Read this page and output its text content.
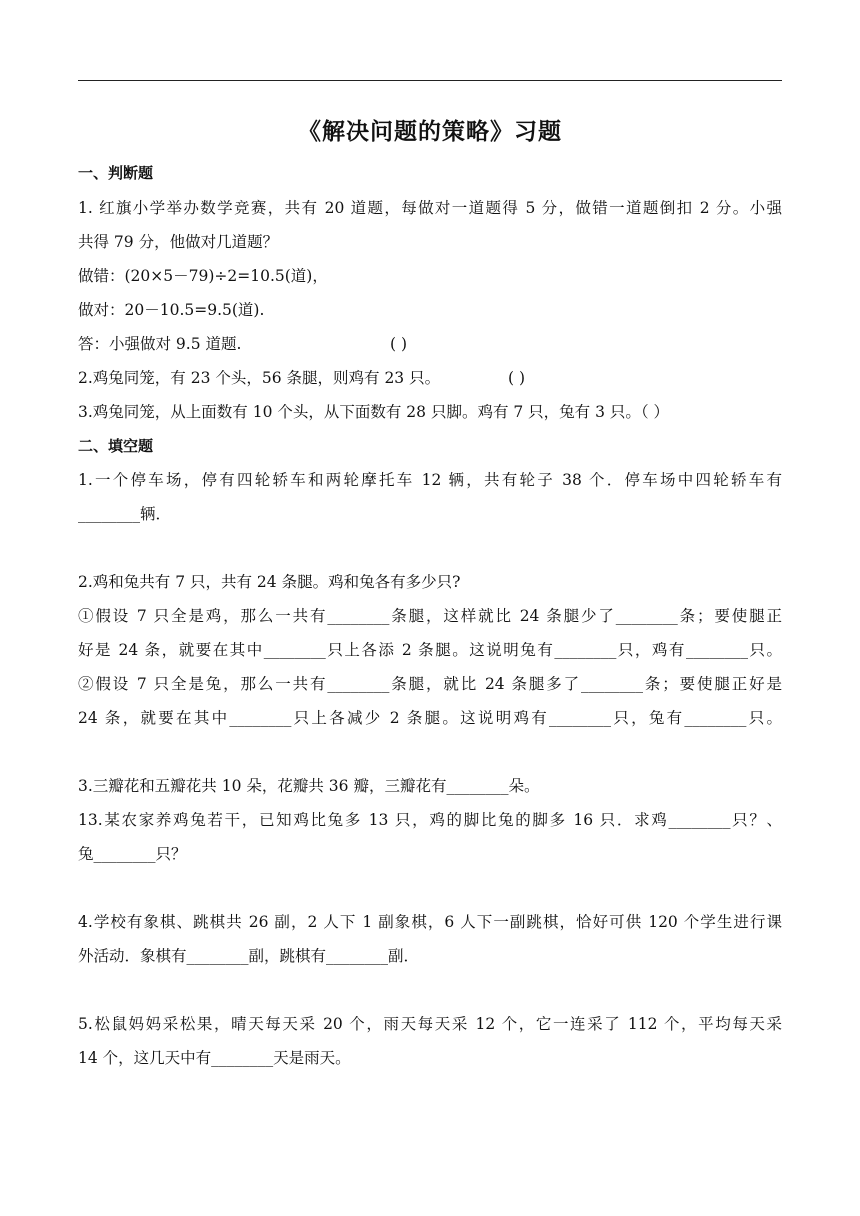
《解决问题的策略》习题
一、判断题
1. 红旗小学举办数学竞赛，共有 20 道题，每做对一道题得 5 分，做错一道题倒扣 2 分。小强
共得 79 分，他做对几道题？
做错：(20×5－79)÷2=10.5(道)，
做对：20－10.5=9.5(道).
答：小强做对 9.5 道题.	( )
2.鸡兔同笼，有 23 个头，56 条腿，则鸡有 23 只。	( )
3.鸡兔同笼，从上面数有 10 个头，从下面数有 28 只脚。鸡有 7 只，兔有 3 只。（ ）
二、填空题
1.一个停车场，停有四轮轿车和两轮摩托车 12 辆，共有轮子 38 个．停车场中四轮轿车有
________辆．
2.鸡和兔共有 7 只，共有 24 条腿。鸡和兔各有多少只?
①假设 7 只全是鸡，那么一共有________条腿，这样就比 24 条腿少了________条；要使腿正
好是 24 条，就要在其中________只上各添 2 条腿。这说明兔有________只，鸡有________只。
②假设 7 只全是兔，那么一共有________条腿，就比 24 条腿多了________条；要使腿正好是
24 条，就要在其中________只上各减少 2 条腿。这说明鸡有________只，兔有________只。
3.三瓣花和五瓣花共 10 朵，花瓣共 36 瓣，三瓣花有________朵。
13.某农家养鸡兔若干，已知鸡比兔多 13 只，鸡的脚比兔的脚多 16 只．求鸡________只？、
兔________只？
4.学校有象棋、跳棋共 26 副，2 人下 1 副象棋，6 人下一副跳棋，恰好可供 120 个学生进行课
外活动．象棋有________副，跳棋有________副．
5.松鼠妈妈采松果，晴天每天采 20 个，雨天每天采 12 个，它一连采了 112 个，平均每天采
14 个，这几天中有________天是雨天。
